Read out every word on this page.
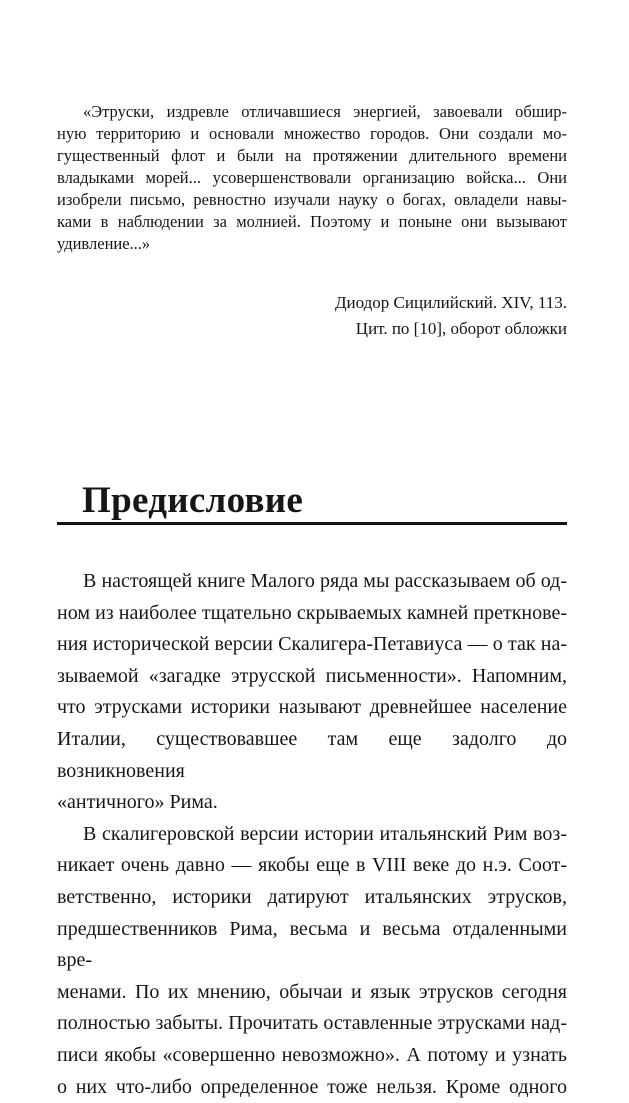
«Этруски, издревле отличавшиеся энергией, завоевали обшир-
ную территорию и основали множество городов. Они создали мо-
гущественный флот и были на протяжении длительного времени
владыками морей... усовершенствовали организацию войска... Они
изобрели письмо, ревностно изучали науку о богах, овладели навы-
ками в наблюдении за молнией. Поэтому и поныне они вызывают
удивление...»
Диодор Сицилийский. XIV, 113.
Цит. по [10], оборот обложки
Предисловие
В настоящей книге Малого ряда мы рассказываем об од-
ном из наиболее тщательно скрываемых камней преткнове-
ния исторической версии Скалигера-Петавиуса — о так на-
зываемой «загадке этрусской письменности». Напомним,
что этрусками историки называют древнейшее население
Италии, существовавшее там еще задолго до возникновения
«античного» Рима.
В скалигеровской версии истории итальянский Рим воз-
никает очень давно — якобы еще в VIII веке до н.э. Соот-
ветственно, историки датируют итальянских этрусков,
предшественников Рима, весьма и весьма отдаленными вре-
менами. По их мнению, обычаи и язык этрусков сегодня
полностью забыты. Прочитать оставленные этрусками над-
писи якобы «совершенно невозможно». А потому и узнать
о них что-либо определенное тоже нельзя. Кроме одного
